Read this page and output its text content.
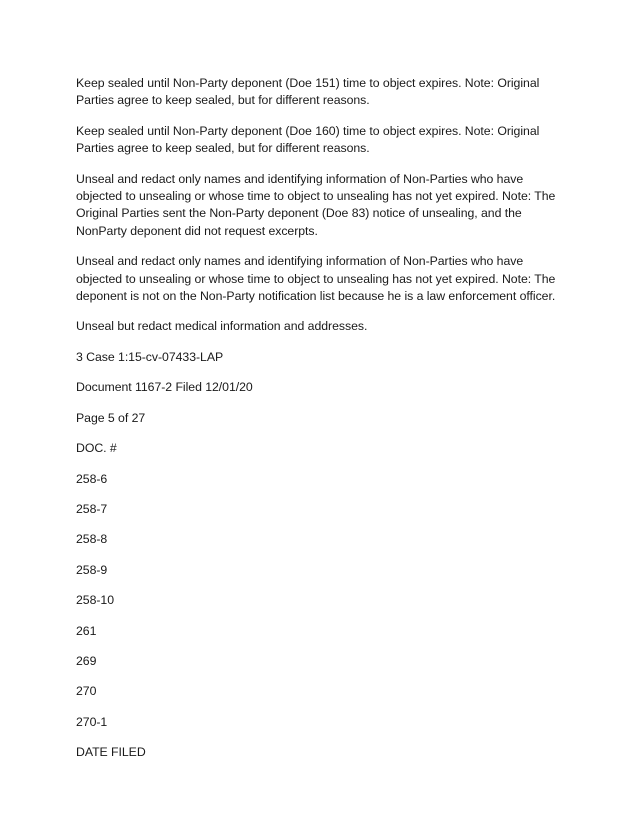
Keep sealed until Non-Party deponent (Doe 151) time to object expires. Note: Original Parties agree to keep sealed, but for different reasons.

Keep sealed until Non-Party deponent (Doe 160) time to object expires. Note: Original Parties agree to keep sealed, but for different reasons.

Unseal and redact only names and identifying information of Non-Parties who have objected to unsealing or whose time to object to unsealing has not yet expired. Note: The Original Parties sent the Non-Party deponent (Doe 83) notice of unsealing, and the NonParty deponent did not request excerpts.

Unseal and redact only names and identifying information of Non-Parties who have objected to unsealing or whose time to object to unsealing has not yet expired. Note: The deponent is not on the Non-Party notification list because he is a law enforcement officer.

Unseal but redact medical information and addresses.

3 Case 1:15-cv-07433-LAP

Document 1167-2 Filed 12/01/20

Page 5 of 27

DOC. #

258-6

258-7

258-8

258-9

258-10

261

269

270

270-1

DATE FILED
